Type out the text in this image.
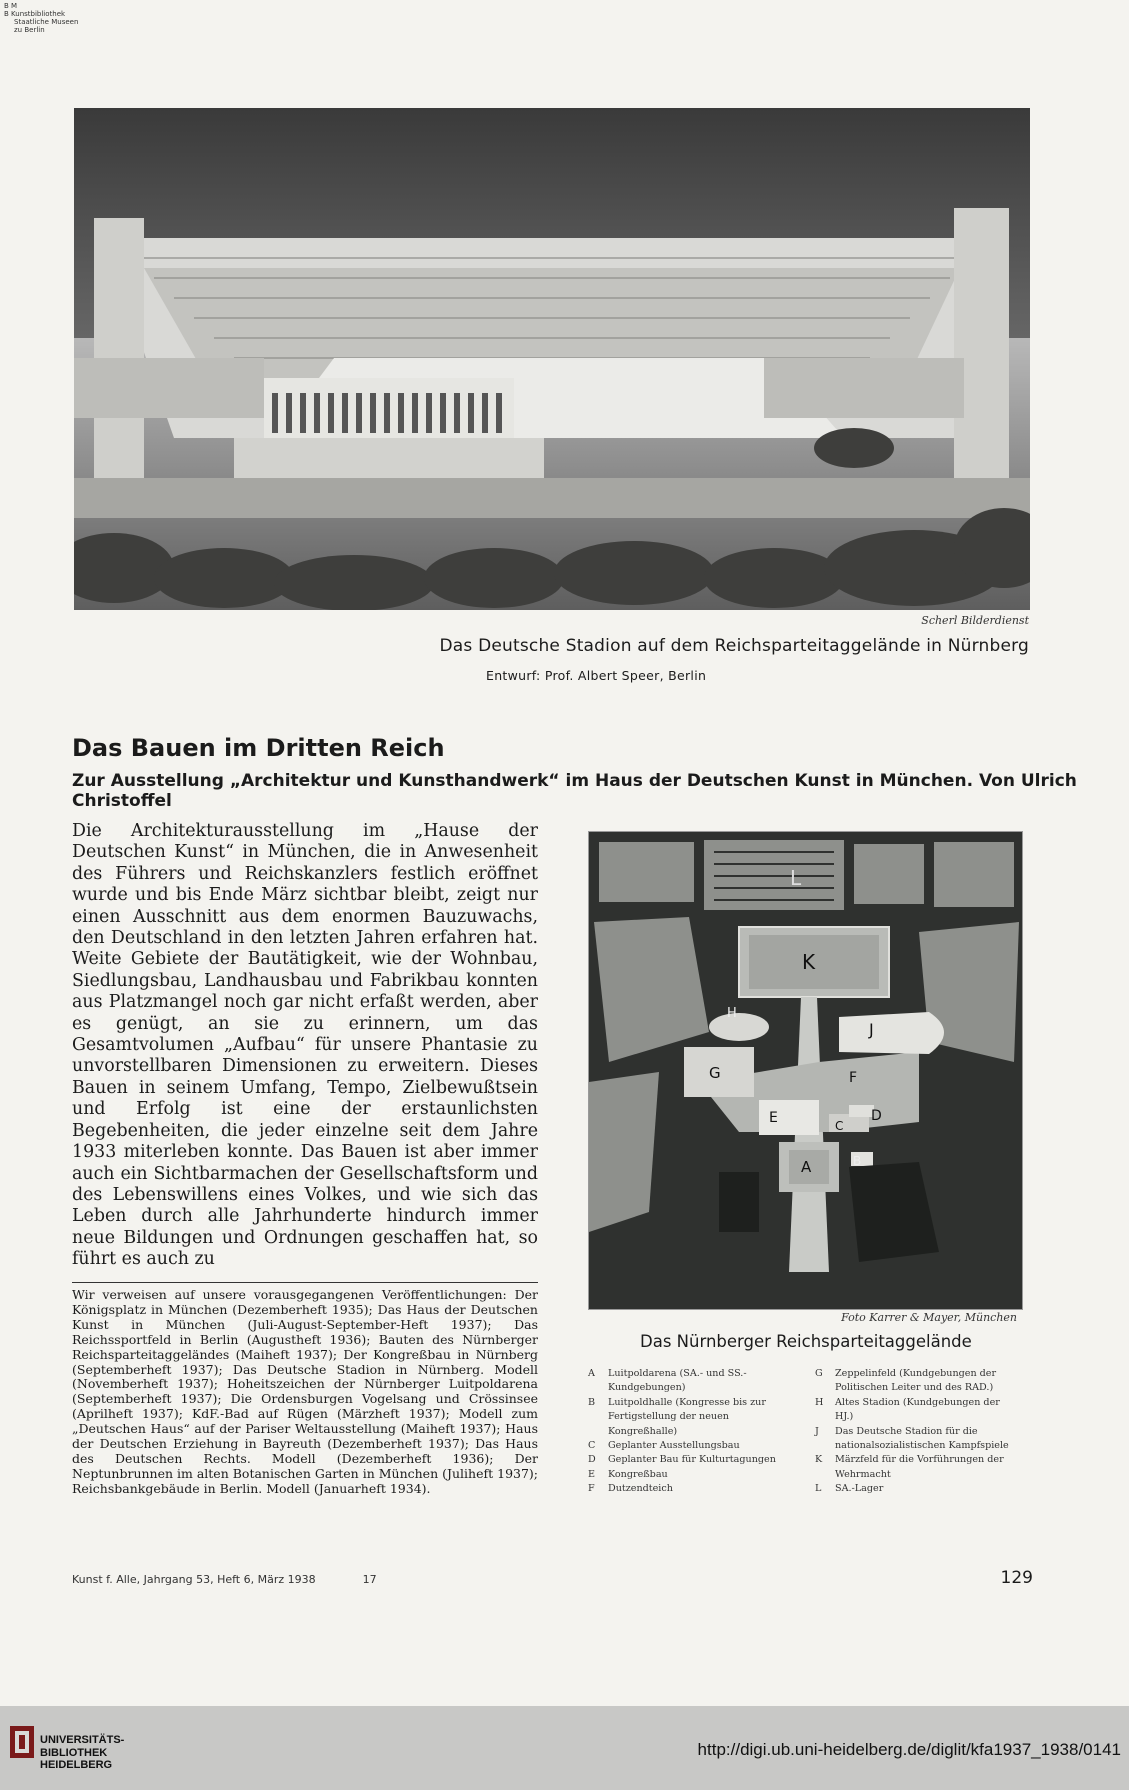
B M
B Kunstbibliothek
Staatliche Museen
zu Berlin
Scherl Bilderdienst
Das Deutsche Stadion auf dem Reichsparteitaggelände in Nürnberg
Entwurf: Prof. Albert Speer, Berlin
Das Bauen im Dritten Reich
Zur Ausstellung „Architektur und Kunsthandwerk“ im Haus der Deutschen Kunst in München. Von Ulrich Christoffel

Die Architekturausstellung im „Hause der Deutschen Kunst“ in München, die in Anwesenheit des Führers und Reichskanzlers festlich eröffnet wurde und bis Ende März sichtbar bleibt, zeigt nur einen Ausschnitt aus dem enormen Bauzuwachs, den Deutschland in den letzten Jahren erfahren hat. Weite Gebiete der Bautätigkeit, wie der Wohnbau, Siedlungsbau, Landhausbau und Fabrikbau konnten aus Platzmangel noch gar nicht erfaßt werden, aber es genügt, an sie zu erinnern, um das Gesamtvolumen „Aufbau“ für unsere Phantasie zu unvorstellbaren Dimensionen zu erweitern. Dieses Bauen in seinem Umfang, Tempo, Zielbewußtsein und Erfolg ist eine der erstaunlichsten Begebenheiten, die jeder einzelne seit dem Jahre 1933 miterleben konnte. Das Bauen ist aber immer auch ein Sichtbarmachen der Gesellschaftsform und des Lebenswillens eines Volkes, und wie sich das Leben durch alle Jahrhunderte hindurch immer neue Bildungen und Ordnungen geschaffen hat, so führt es auch zu

Wir verweisen auf unsere vorausgegangenen Veröffentlichungen: Der Königsplatz in München (Dezemberheft 1935); Das Haus der Deutschen Kunst in München (Juli-August-September-Heft 1937); Das Reichssportfeld in Berlin (Augustheft 1936); Bauten des Nürnberger Reichsparteitaggeländes (Maiheft 1937); Der Kongreßbau in Nürnberg (Septemberheft 1937); Das Deutsche Stadion in Nürnberg. Modell (Novemberheft 1937); Hoheitszeichen der Nürnberger Luitpoldarena (Septemberheft 1937); Die Ordensburgen Vogelsang und Crössinsee (Aprilheft 1937); KdF.-Bad auf Rügen (Märzheft 1937); Modell zum „Deutschen Haus“ auf der Pariser Weltausstellung (Maiheft 1937); Haus der Deutschen Erziehung in Bayreuth (Dezemberheft 1937); Das Haus des Deutschen Rechts. Modell (Dezemberheft 1936); Der Neptunbrunnen im alten Botanischen Garten in München (Juliheft 1937); Reichsbankgebäude in Berlin. Modell (Januarheft 1934).
L
K
J
H
G	F
E	D
C
B
A
Foto Karrer & Mayer, München
Das Nürnberger Reichsparteitaggelände
A	Luitpoldarena (SA.- und SS.-Kundgebungen)
B	Luitpoldhalle (Kongresse bis zur Fertigstellung der neuen Kongreßhalle)
C	Geplanter Ausstellungsbau
D	Geplanter Bau für Kulturtagungen
E	Kongreßbau
F	Dutzendteich
G	Zeppelinfeld (Kundgebungen der Politischen Leiter und des RAD.)
H	Altes Stadion (Kundgebungen der HJ.)
J	Das Deutsche Stadion für die nationalsozialistischen Kampfspiele
K	Märzfeld für die Vorführungen der Wehrmacht
L	SA.-Lager
Kunst f. Alle, Jahrgang 53, Heft 6, März 1938	17	129
UNIVERSITÄTS-
BIBLIOTHEK
HEIDELBERG
http://digi.ub.uni-heidelberg.de/diglit/kfa1937_1938/0141
